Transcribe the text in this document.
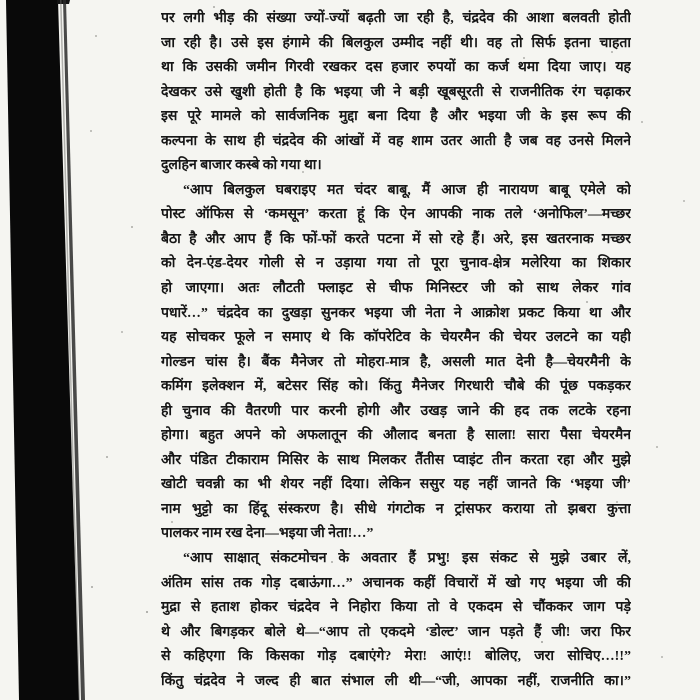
पर लगी भीड़ की संख्या ज्यों-ज्यों बढ़ती जा रही है, चंद्रदेव की आशा बलवती होती
जा रही है। उसे इस हंगामे की बिलकुल उम्मीद नहीं थी। वह तो सिर्फ इतना चाहता
था कि उसकी जमीन गिरवी रखकर दस हजार रुपयों का कर्ज थमा दिया जाए। यह
देखकर उसे खुशी होती है कि भइया जी ने बड़ी खूबसूरती से राजनीतिक रंग चढ़ाकर
इस पूरे मामले को सार्वजनिक मुद्दा बना दिया है और भइया जी के इस रूप की
कल्पना के साथ ही चंद्रदेव की आंखों में वह शाम उतर आती है जब वह उनसे मिलने
दुलहिन बाजार कस्बे को गया था।
“आप बिलकुल घबराइए मत चंदर बाबू, मैं आज ही नारायण बाबू एमेले को
पोस्ट ऑफिस से ‘कमसून’ करता हूं कि ऐन आपकी नाक तले ‘अनोफिल’—मच्छर
बैठा है और आप हैं कि फों-फों करते पटना में सो रहे हैं। अरे, इस खतरनाक मच्छर
को देन-एंड-देयर गोली से न उड़ाया गया तो पूरा चुनाव-क्षेत्र मलेरिया का शिकार
हो जाएगा। अतः लौटती फ्लाइट से चीफ मिनिस्टर जी को साथ लेकर गांव
पधारें…” चंद्रदेव का दुखड़ा सुनकर भइया जी नेता ने आक्रोश प्रकट किया था और
यह सोचकर फूले न समाए थे कि कॉपरेटिव के चेयरमैन की चेयर उलटने का यही
गोल्डन चांस है। बैंक मैनेजर तो मोहरा-मात्र है, असली मात देनी है—चेयरमैनी के
कमिंग इलेक्शन में, बटेसर सिंह को। किंतु मैनेजर गिरधारी चौबे की पूंछ पकड़कर
ही चुनाव की वैतरणी पार करनी होगी और उखड़ जाने की हद तक लटके रहना
होगा। बहुत अपने को अफलातून की औलाद बनता है साला! सारा पैसा चेयरमैन
और पंडित टीकाराम मिसिर के साथ मिलकर तैंतीस प्वाइंट तीन करता रहा और मुझे
खोटी चवन्नी का भी शेयर नहीं दिया। लेकिन ससुर यह नहीं जानते कि ‘भइया जी’
नाम भुट्टो का हिंदू संस्करण है। सीधे गंगटोक न ट्रांसफर कराया तो झबरा कुत्ता
पालकर नाम रख देना—भइया जी नेता!…”
“आप साक्षात् संकटमोचन के अवतार हैं प्रभु! इस संकट से मुझे उबार लें,
अंतिम सांस तक गोड़ दबाऊंगा…” अचानक कहीं विचारों में खो गए भइया जी की
मुद्रा से हताश होकर चंद्रदेव ने निहोरा किया तो वे एकदम से चौंककर जाग पड़े
थे और बिगड़कर बोले थे—“आप तो एकदमे ‘डोल्ट’ जान पड़ते हैं जी! जरा फिर
से कहिएगा कि किसका गोड़ दबाएंगे? मेरा! आएं!! बोलिए, जरा सोचिए…!!”
किंतु चंद्रदेव ने जल्द ही बात संभाल ली थी—“जी, आपका नहीं, राजनीति का।”
